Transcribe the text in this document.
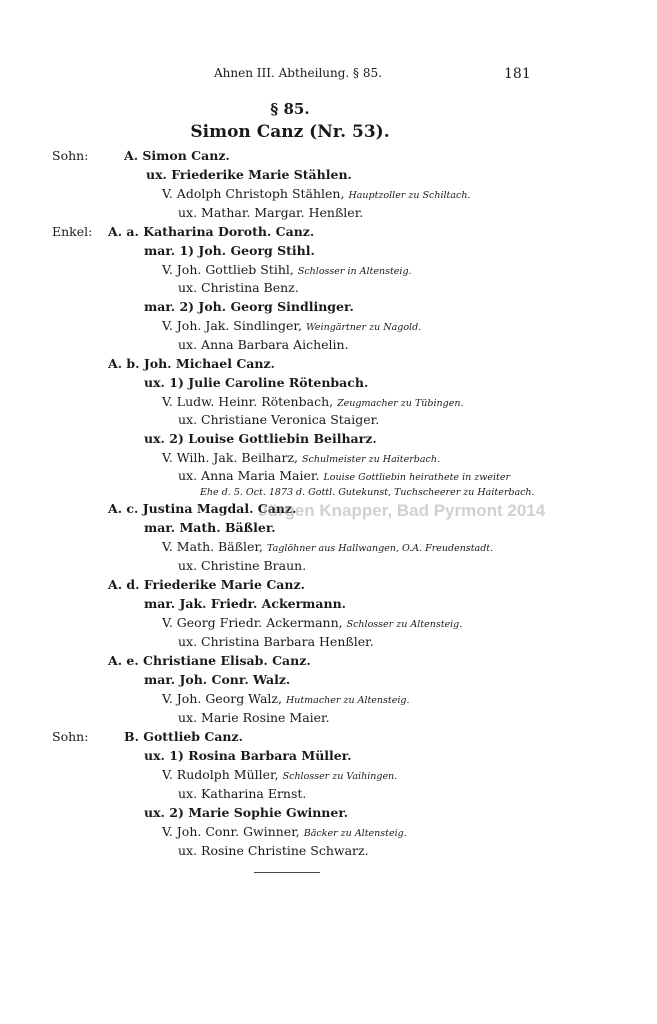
Ahnen III. Abtheilung. § 85.	181
§ 85.
Simon Canz (Nr. 53).
Sohn:	A. Simon Canz.
ux. Friederike Marie Stählen.
V. Adolph Christoph Stählen, Hauptzoller zu Schiltach.
ux. Mathar. Margar. Henßler.
Enkel: A. a. Katharina Doroth. Canz.
mar. 1) Joh. Georg Stihl.
V. Joh. Gottlieb Stihl, Schlosser in Altensteig.
ux. Christina Benz.
mar. 2) Joh. Georg Sindlinger.
V. Joh. Jak. Sindlinger, Weingärtner zu Nagold.
ux. Anna Barbara Aichelin.
A. b. Joh. Michael Canz.
ux. 1) Julie Caroline Rötenbach.
V. Ludw. Heinr. Rötenbach, Zeugmacher zu Tübingen.
ux. Christiane Veronica Staiger.
ux. 2) Louise Gottliebin Beilharz.
V. Wilh. Jak. Beilharz, Schulmeister zu Haiterbach.
ux. Anna Maria Maier. Louise Gottliebin heirathete in zweiter
Ehe d. 5. Oct. 1873 d. Gottl. Gutekunst, Tuchscheerer zu Haiterbach.
A. c. Justina Magdal. Canz.
mar. Math. Bäßler.
V. Math. Bäßler, Taglöhner aus Hallwangen, O.A. Freudenstadt.
ux. Christine Braun.
A. d. Friederike Marie Canz.
mar. Jak. Friedr. Ackermann.
V. Georg Friedr. Ackermann, Schlosser zu Altensteig.
ux. Christina Barbara Henßler.
A. e. Christiane Elisab. Canz.
mar. Joh. Conr. Walz.
V. Joh. Georg Walz, Hutmacher zu Altensteig.
ux. Marie Rosine Maier.
Sohn:	B. Gottlieb Canz.
ux. 1) Rosina Barbara Müller.
V. Rudolph Müller, Schlosser zu Vaihingen.
ux. Katharina Ernst.
ux. 2) Marie Sophie Gwinner.
V. Joh. Conr. Gwinner, Bäcker zu Altensteig.
ux. Rosine Christine Schwarz.
Jürgen Knapper, Bad Pyrmont 2014
